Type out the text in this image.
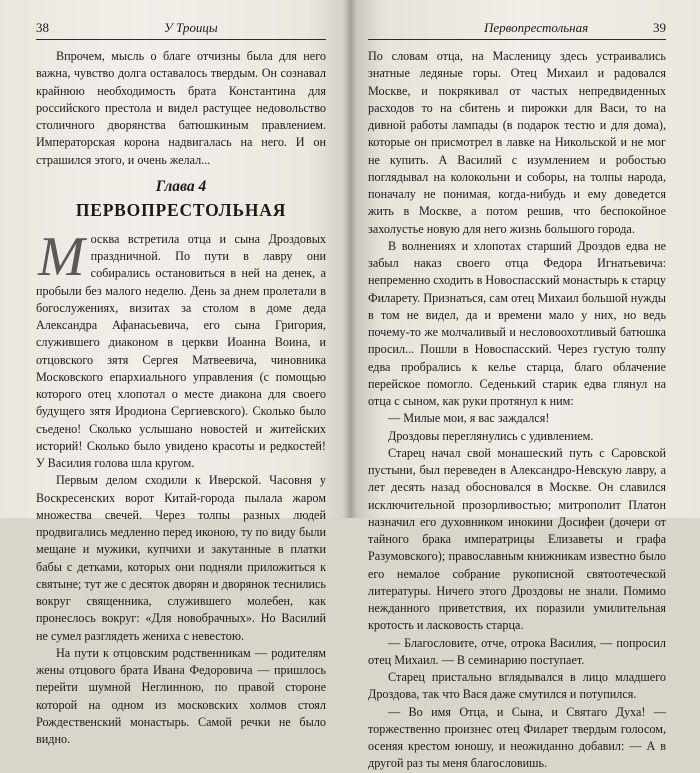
38	У Троицы

Впрочем, мысль о благе отчизны была для него важна, чувство долга оставалось твердым. Он сознавал крайнюю необходимость брата Константина для российского престола и видел растущее недовольство столичного дворянства батюшкиным правлением. Императорская корона надвигалась на него. И он страшился этого, и очень желал...

Глава 4
ПЕРВОПРЕСТОЛЬНАЯ

Москва встретила отца и сына Дроздовых праздничной. По пути в лавру они собирались остановиться в ней на денек, а пробыли без малого неделю. День за днем пролетали в богослужениях, визитах за столом в доме деда Александра Афанасьевича, его сына Григория, служившего диаконом в церкви Иоанна Воина, и отцовского зятя Сергея Матвеевича, чиновника Московского епархиального управления (с помощью которого отец хлопотал о месте диакона для своего будущего зятя Иродиона Сергиевского). Сколько было съедено! Сколько услышано новостей и житейских историй! Сколько было увидено красоты и редкостей! У Василия голова шла кругом.

Первым делом сходили к Иверской. Часовня у Воскресенских ворот Китай-города пылала жаром множества свечей. Через толпы разных людей продвигались медленно перед иконою, ту по виду были мещане и мужики, купчихи и закутанные в платки бабы с детками, которых они подняли приложиться к святыне; тут же с десяток дворян и дворянок теснились вокруг священника, служившего молебен, как пронеслось вокруг: «Для новобрачных». Но Василий не сумел разглядеть жениха с невестою.

На пути к отцовским родственникам — родителям жены отцового брата Ивана Федоровича — пришлось перейти шумной Неглинною, по правой стороне которой на одном из московских холмов стоял Рождественский монастырь. Самой речки не было видно.

Первопрестольная	39

По словам отца, на Масленицу здесь устраивались знатные ледяные горы. Отец Михаил и радовался Москве, и покрякивал от частых непредвиденных расходов то на сбитень и пирожки для Васи, то на дивной работы лампады (в подарок тестю и для дома), которые он присмотрел в лавке на Никольской и не мог не купить. А Василий с изумлением и робостью поглядывал на колокольни и соборы, на толпы народа, поначалу не понимая, когда-нибудь и ему доведется жить в Москве, а потом решив, что беспокойное захолустье новую для него жизнь большого города.

В волнениях и хлопотах старший Дроздов едва не забыл наказ своего отца Федора Игнатьевича: непременно сходить в Новоспасский монастырь к старцу Филарету. Признаться, сам отец Михаил большой нужды в том не видел, да и времени мало у них, но ведь почему-то же молчаливый и несловоохотливый батюшка просил... Пошли в Новоспасский. Через густую толпу едва пробрались к келье старца, благо облачение перейское помогло. Седенький старик едва глянул на отца с сыном, как руки протянул к ним:

— Милые мои, я вас заждался!

Дроздовы переглянулись с удивлением.

Старец начал свой монашеский путь с Саровской пустыни, был переведен в Александро-Невскую лавру, а лет десять назад обосновался в Москве. Он славился исключительной прозорливостью; митрополит Платон назначил его духовником инокини Досифеи (дочери от тайного брака императрицы Елизаветы и графа Разумовского); православным книжникам известно было его немалое собрание рукописной святоотеческой литературы. Ничего этого Дроздовы не знали. Помимо нежданного приветствия, их поразили умилительная кротость и ласковость старца.

— Благословите, отче, отрока Василия, — попросил отец Михаил. — В семинарию поступает.

Старец пристально вглядывался в лицо младшего Дроздова, так что Вася даже смутился и потупился.

— Во имя Отца, и Сына, и Святаго Духа! — торжественно произнес отец Филарет твердым голосом, осеняя крестом юношу, и неожиданно добавил: — А в другой раз ты меня благословишь.
